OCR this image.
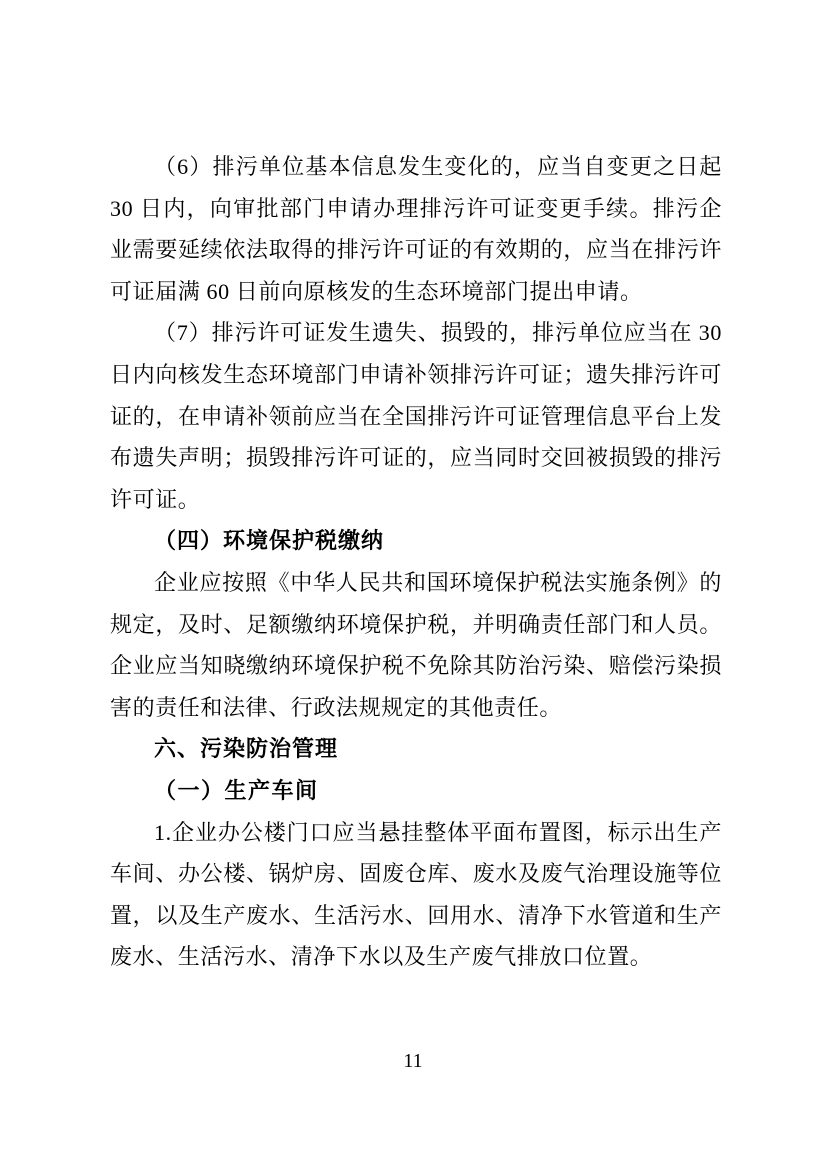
（6）排污单位基本信息发生变化的，应当自变更之日起 30 日内，向审批部门申请办理排污许可证变更手续。排污企业需要延续依法取得的排污许可证的有效期的，应当在排污许可证届满 60 日前向原核发的生态环境部门提出申请。

（7）排污许可证发生遗失、损毁的，排污单位应当在 30 日内向核发生态环境部门申请补领排污许可证；遗失排污许可证的，在申请补领前应当在全国排污许可证管理信息平台上发布遗失声明；损毁排污许可证的，应当同时交回被损毁的排污许可证。

（四）环境保护税缴纳

企业应按照《中华人民共和国环境保护税法实施条例》的规定，及时、足额缴纳环境保护税，并明确责任部门和人员。企业应当知晓缴纳环境保护税不免除其防治污染、赔偿污染损害的责任和法律、行政法规规定的其他责任。

六、污染防治管理

（一）生产车间

1.企业办公楼门口应当悬挂整体平面布置图，标示出生产车间、办公楼、锅炉房、固废仓库、废水及废气治理设施等位置，以及生产废水、生活污水、回用水、清净下水管道和生产废水、生活污水、清净下水以及生产废气排放口位置。

11
